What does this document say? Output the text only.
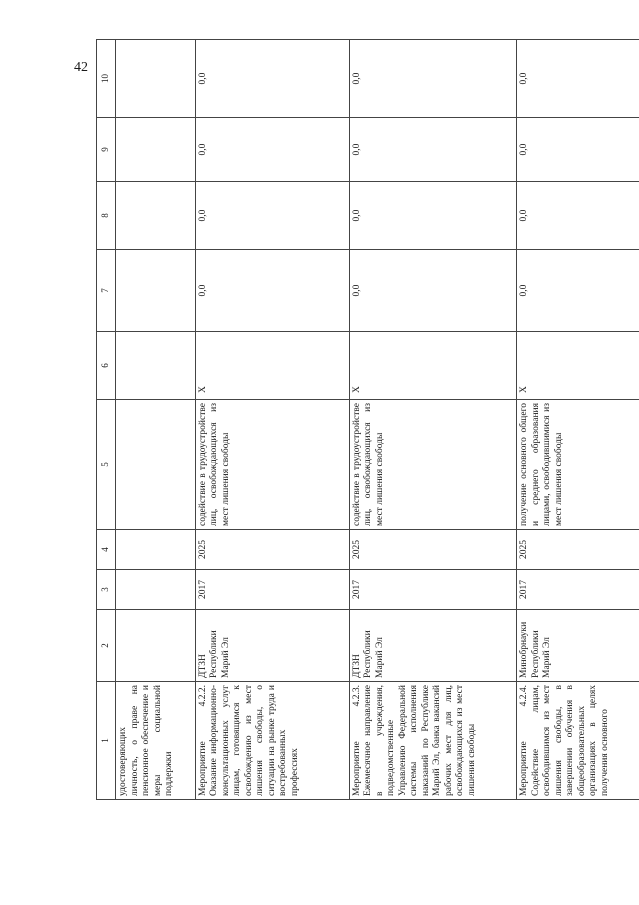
42
1	2	3	4	5	6	7	8	9	10
удостоверяющих личность, о праве на пенсионное обеспечение и меры социальной поддержки									
Мероприятие 4.2.2. Оказание информационно-консультационных услуг лицам, готовящимся к освобождению из мест лишения свободы, о ситуации на рынке труда и востребованных профессиях	ДТЗН Республики Марий Эл	2017	2025	содействие в трудоустройстве лиц, освобождающихся из мест лишения свободы	X	0,0	0,0	0,0	0,0
Мероприятие 4.2.3. Ежемесячное направление в учреждения, подведомственные Управлению Федеральной системы исполнения наказаний по Республике Марий Эл, банка вакансий рабочих мест для лиц, освобождающихся из мест лишения свободы	ДТЗН Республики Марий Эл	2017	2025	содействие в трудоустройстве лиц, освобождающихся из мест лишения свободы	X	0,0	0,0	0,0	0,0
Мероприятие 4.2.4. Содействие лицам, освободившимся из мест лишения свободы, в завершении обучения в общеобразовательных организациях в целях получения основного	Минобрнауки Республики Марий Эл	2017	2025	получение основного общего и среднего образования лицами, освободившимися из мест лишения свободы	X	0,0	0,0	0,0	0,0
